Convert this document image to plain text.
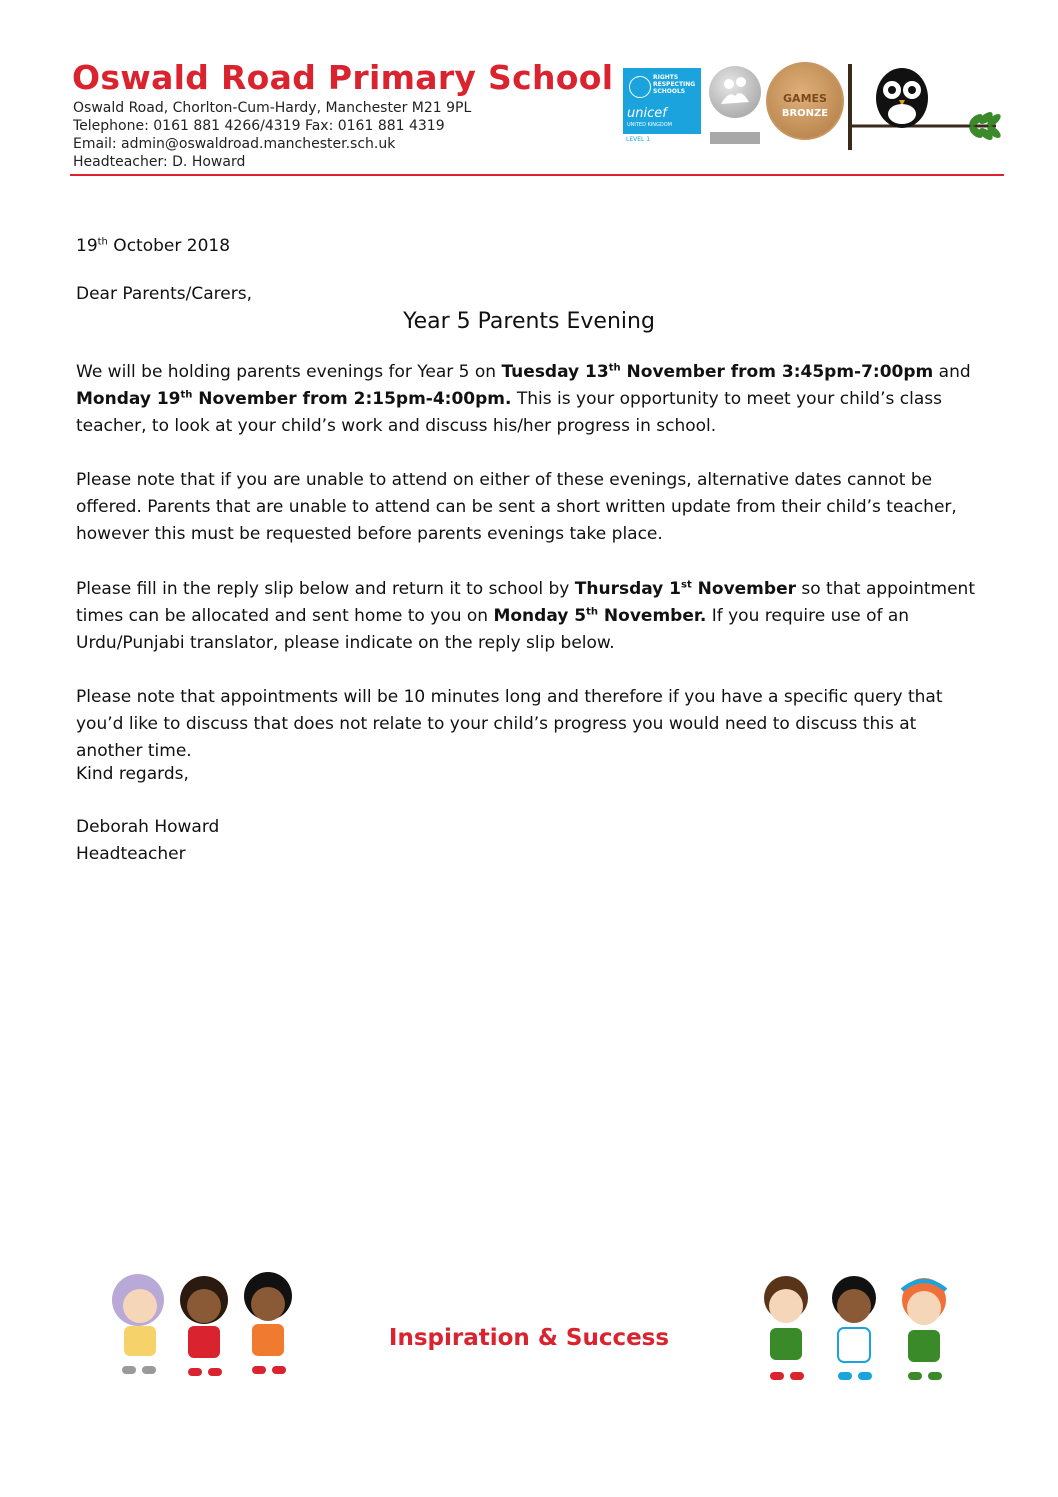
Oswald Road Primary School
Oswald Road, Chorlton-Cum-Hardy, Manchester M21 9PL
Telephone: 0161 881 4266/4319 Fax: 0161 881 4319
Email: admin@oswaldroad.manchester.sch.uk
Headteacher: D. Howard
RIGHTS
RESPECTING
SCHOOLS
unicef
UNITED KINGDOM
LEVEL 1
GAMES
BRONZE
19th October 2018
Dear Parents/Carers,
Year 5 Parents Evening
We will be holding parents evenings for Year 5 on Tuesday 13th November from 3:45pm-7:00pm and Monday 19th November from 2:15pm-4:00pm. This is your opportunity to meet your child’s class teacher, to look at your child’s work and discuss his/her progress in school.
Please note that if you are unable to attend on either of these evenings, alternative dates cannot be offered. Parents that are unable to attend can be sent a short written update from their child’s teacher, however this must be requested before parents evenings take place.
Please fill in the reply slip below and return it to school by Thursday 1st November so that appointment times can be allocated and sent home to you on Monday 5th November. If you require use of an Urdu/Punjabi translator, please indicate on the reply slip below.
Please note that appointments will be 10 minutes long and therefore if you have a specific query that you’d like to discuss that does not relate to your child’s progress you would need to discuss this at another time.
Kind regards,
Deborah Howard
Headteacher
Inspiration & Success
